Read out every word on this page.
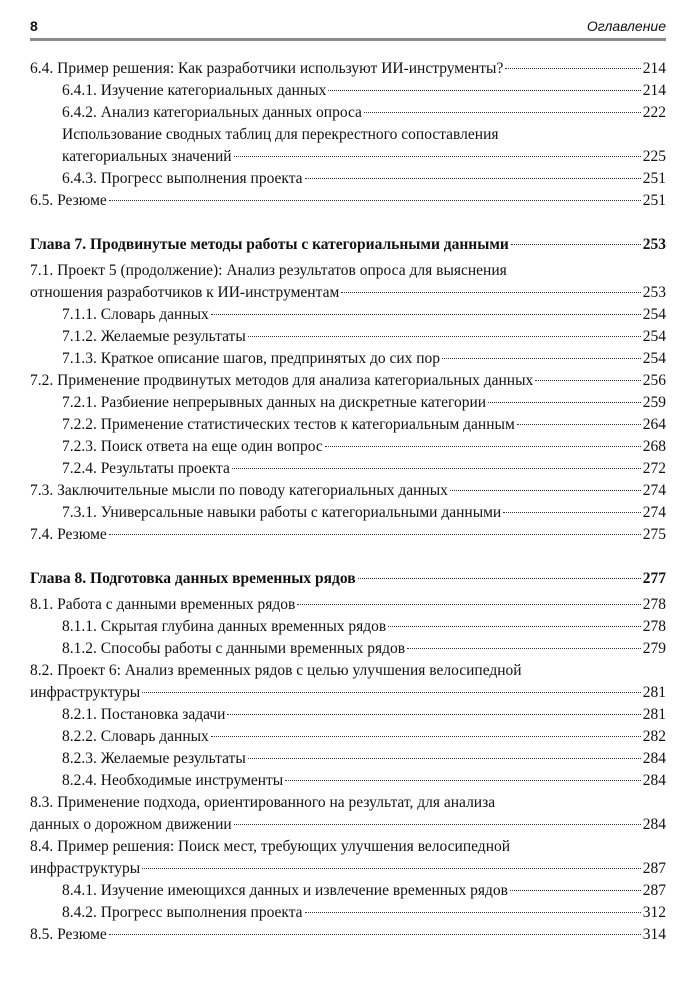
8	Оглавление
6.4. Пример решения: Как разработчики используют ИИ-инструменты?	214
6.4.1. Изучение категориальных данных	214
6.4.2. Анализ категориальных данных опроса	222
Использование сводных таблиц для перекрестного сопоставления
категориальных значений	225
6.4.3. Прогресс выполнения проекта	251
6.5. Резюме	251
Глава 7. Продвинутые методы работы с категориальными данными	253
7.1. Проект 5 (продолжение): Анализ результатов опроса для выяснения
отношения разработчиков к ИИ-инструментам	253
7.1.1. Словарь данных	254
7.1.2. Желаемые результаты	254
7.1.3. Краткое описание шагов, предпринятых до сих пор	254
7.2. Применение продвинутых методов для анализа категориальных данных	256
7.2.1. Разбиение непрерывных данных на дискретные категории	259
7.2.2. Применение статистических тестов к категориальным данным	264
7.2.3. Поиск ответа на еще один вопрос	268
7.2.4. Результаты проекта	272
7.3. Заключительные мысли по поводу категориальных данных	274
7.3.1. Универсальные навыки работы с категориальными данными	274
7.4. Резюме	275
Глава 8. Подготовка данных временных рядов	277
8.1. Работа с данными временных рядов	278
8.1.1. Скрытая глубина данных временных рядов	278
8.1.2. Способы работы с данными временных рядов	279
8.2. Проект 6: Анализ временных рядов с целью улучшения велосипедной
инфраструктуры	281
8.2.1. Постановка задачи	281
8.2.2. Словарь данных	282
8.2.3. Желаемые результаты	284
8.2.4. Необходимые инструменты	284
8.3. Применение подхода, ориентированного на результат, для анализа
данных о дорожном движении	284
8.4. Пример решения: Поиск мест, требующих улучшения велосипедной
инфраструктуры	287
8.4.1. Изучение имеющихся данных и извлечение временных рядов	287
8.4.2. Прогресс выполнения проекта	312
8.5. Резюме	314
